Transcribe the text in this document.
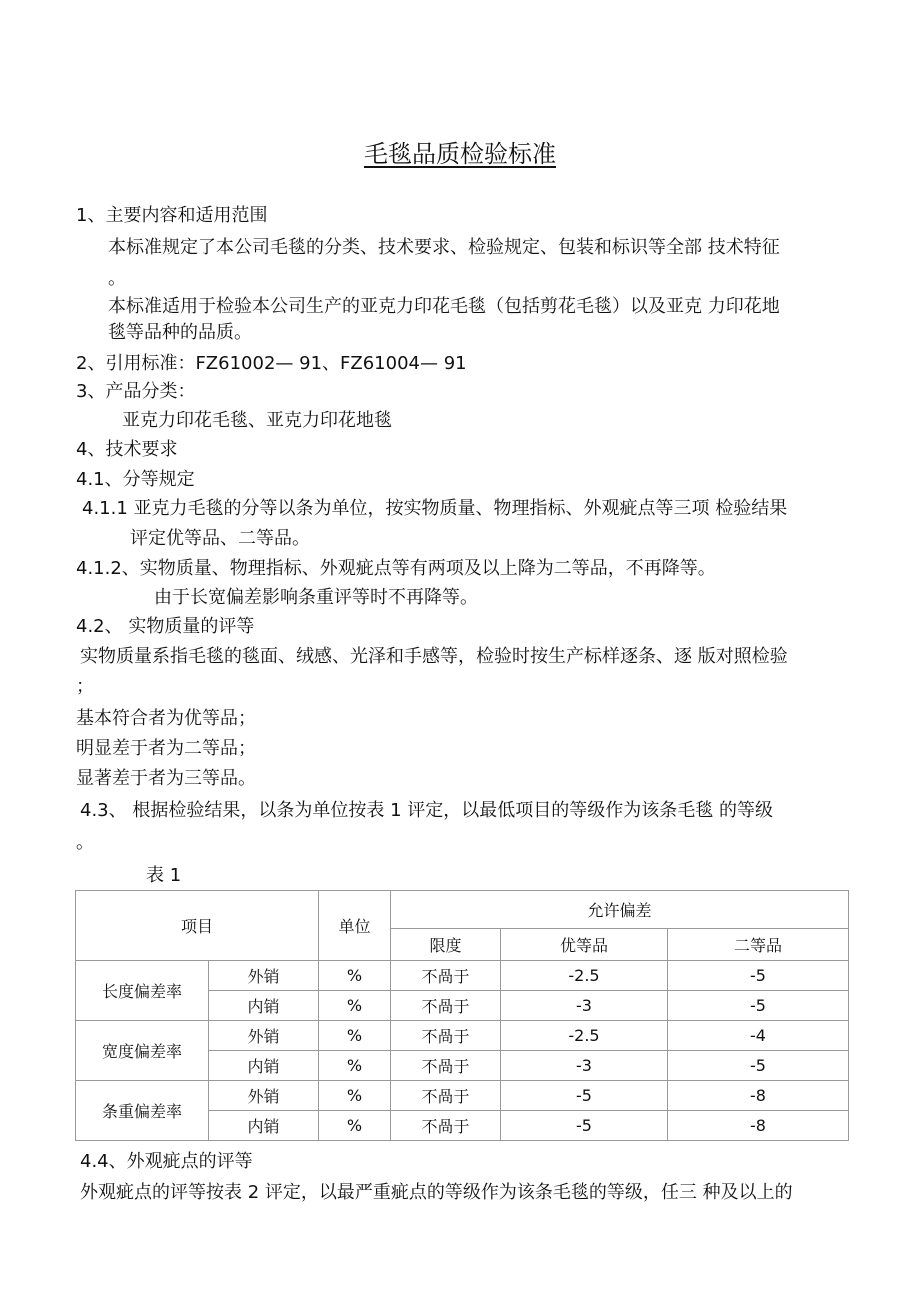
毛毯品质检验标准
1、主要内容和适用范围
本标准规定了本公司毛毯的分类、技术要求、检验规定、包装和标识等全部 技术特征
。
本标准适用于检验本公司生产的亚克力印花毛毯（包括剪花毛毯）以及亚克 力印花地
毯等品种的品质。
2、引用标准：FZ61002— 91、FZ61004— 91
3、产品分类：
亚克力印花毛毯、亚克力印花地毯
4、技术要求
4.1、分等规定
4.1.1 亚克力毛毯的分等以条为单位，按实物质量、物理指标、外观疵点等三项 检验结果
评定优等品、二等品。
4.1.2、实物质量、物理指标、外观疵点等有两项及以上降为二等品，不再降等。
由于长宽偏差影响条重评等时不再降等。
4.2、 实物质量的评等
实物质量系指毛毯的毯面、绒感、光泽和手感等，检验时按生产标样逐条、逐 版对照检验
；
基本符合者为优等品；
明显差于者为二等品；
显著差于者为三等品。
4.3、 根据检验结果，以条为单位按表 1 评定，以最低项目的等级作为该条毛毯 的等级
。
表 1
项目		单位	允许偏差		
			限度	优等品	二等品
长度偏差率	外销	%	不咼于	-2.5	-5
	内销	%	不咼于	-3	-5
宽度偏差率	外销	%	不咼于	-2.5	-4
	内销	%	不咼于	-3	-5
条重偏差率	外销	%	不咼于	-5	-8
	内销	%	不咼于	-5	-8
4.4、外观疵点的评等
外观疵点的评等按表 2 评定，以最严重疵点的等级作为该条毛毯的等级，任三 种及以上的
